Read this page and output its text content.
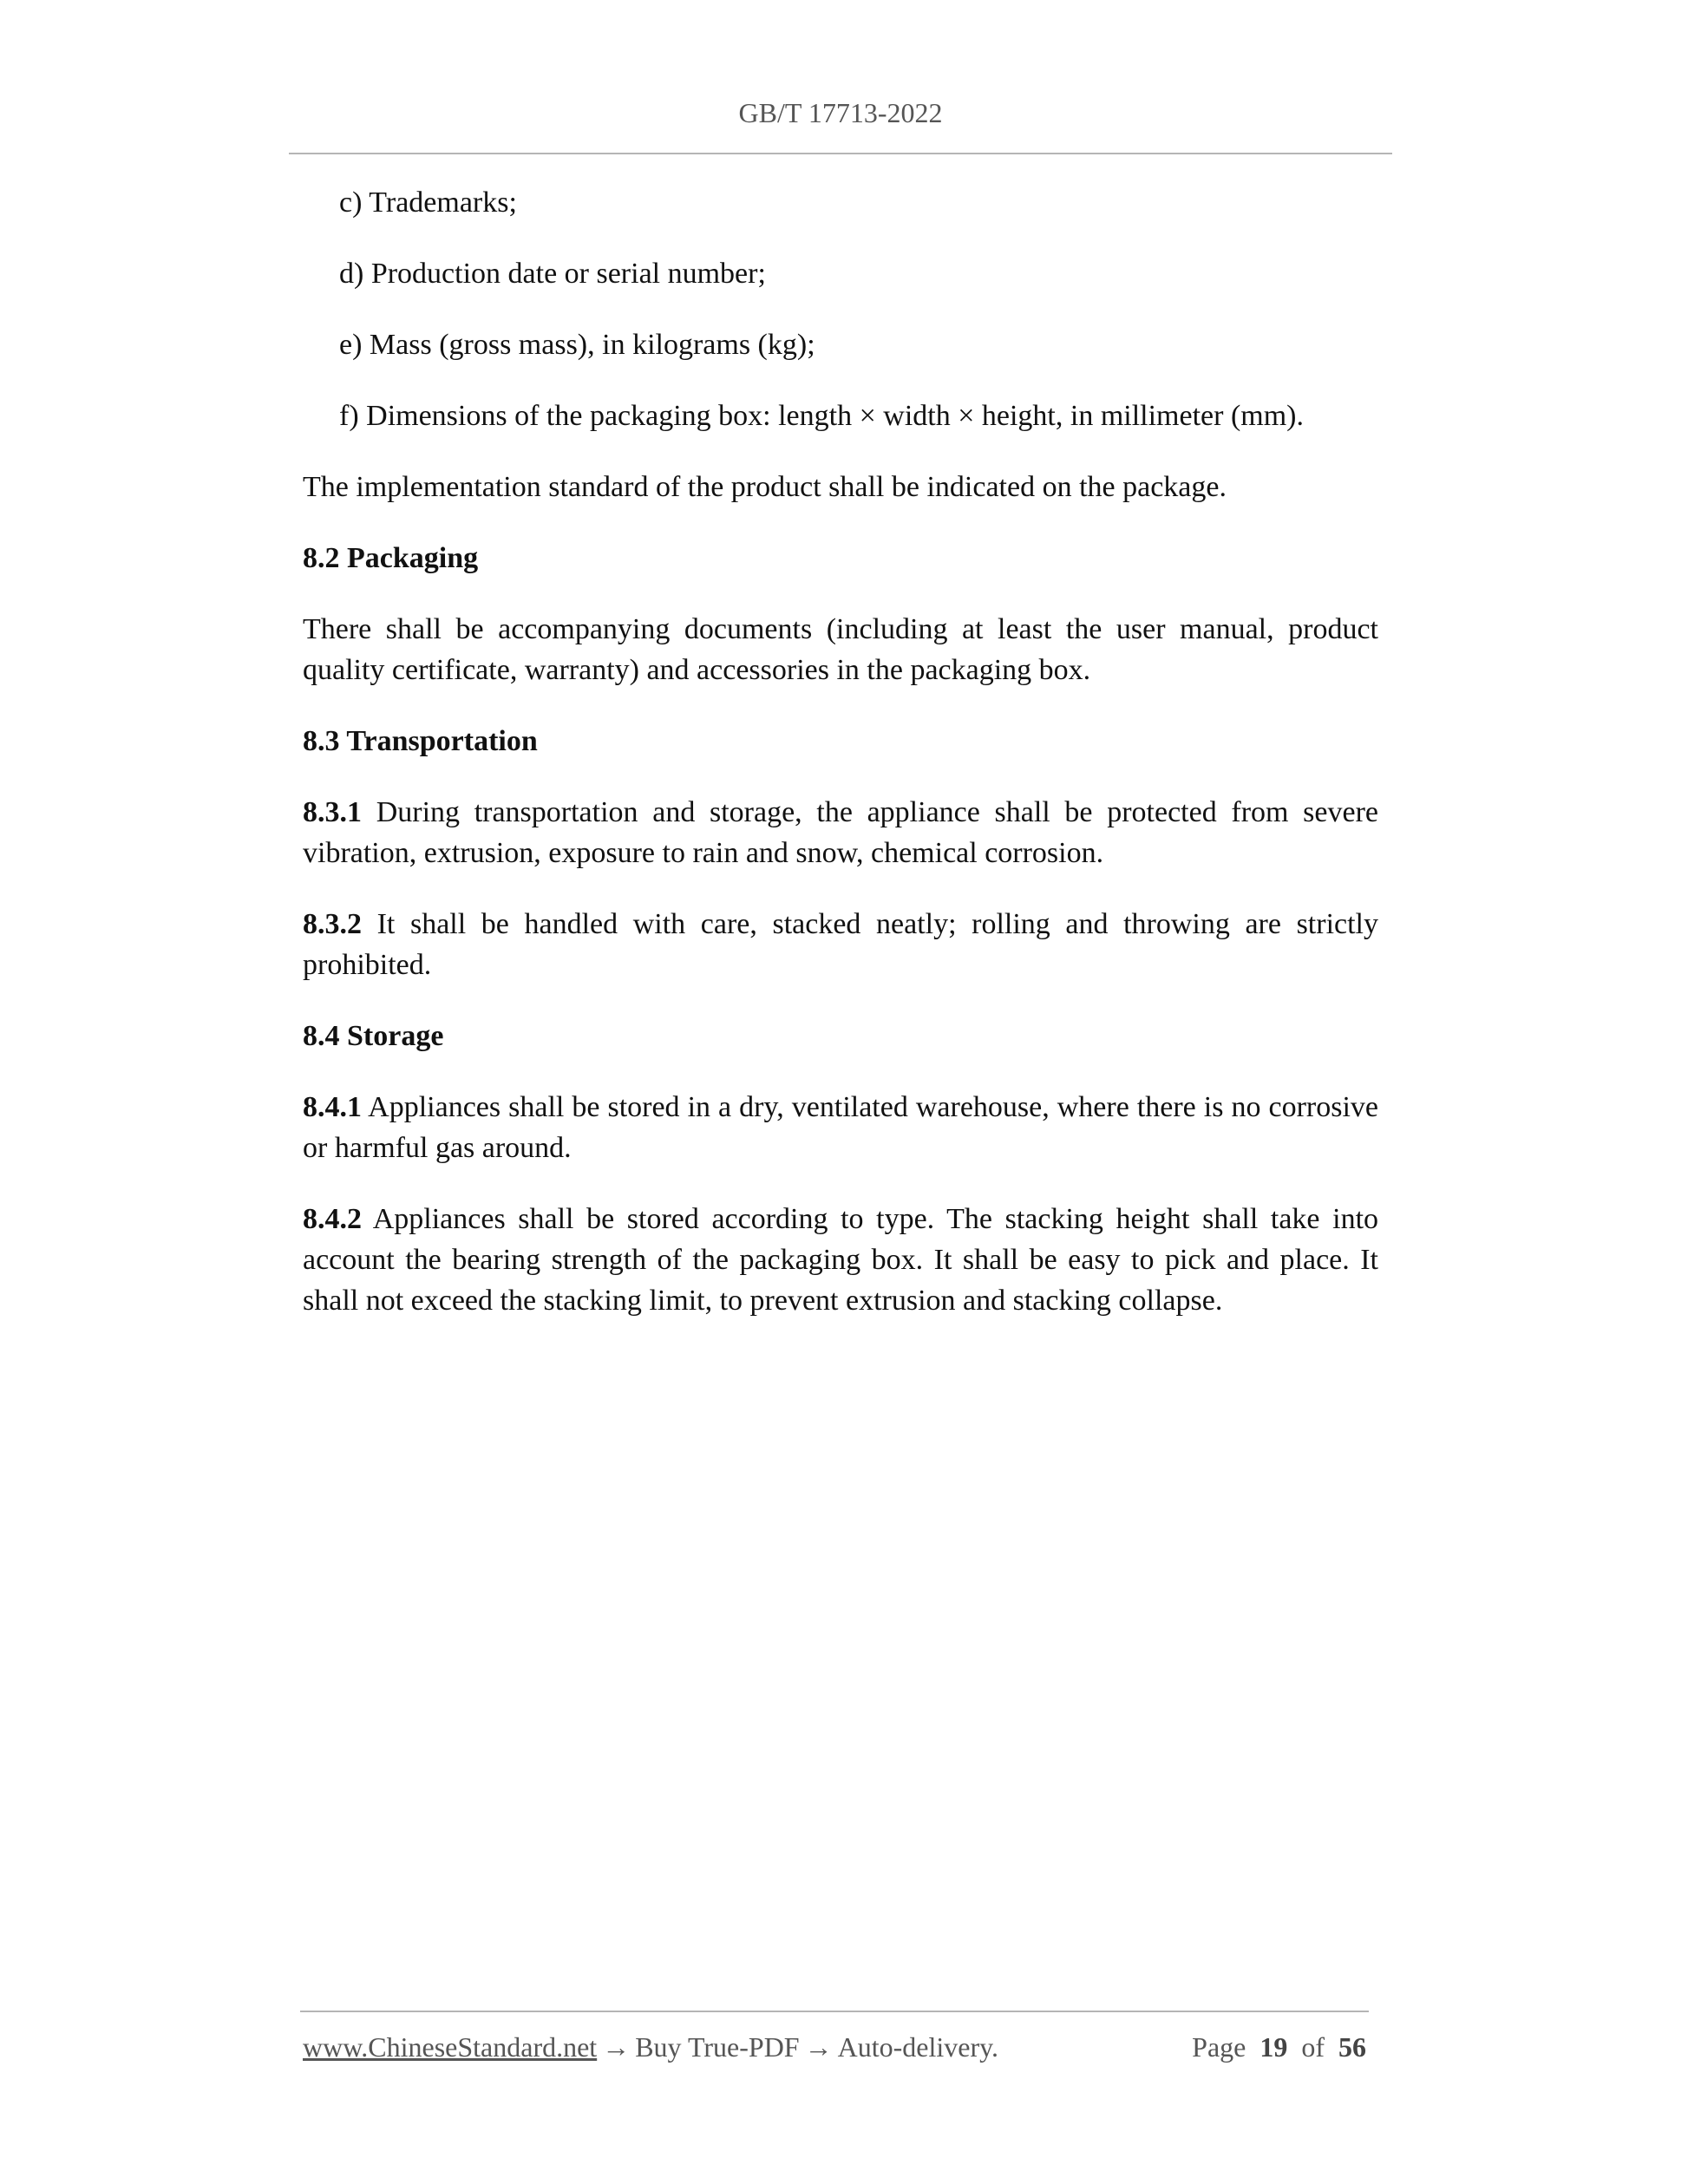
GB/T 17713-2022

c) Trademarks;

d) Production date or serial number;

e) Mass (gross mass), in kilograms (kg);

f) Dimensions of the packaging box: length × width × height, in millimeter (mm).

The implementation standard of the product shall be indicated on the package.

8.2 Packaging

There shall be accompanying documents (including at least the user manual, product quality certificate, warranty) and accessories in the packaging box.

8.3 Transportation

8.3.1 During transportation and storage, the appliance shall be protected from severe vibration, extrusion, exposure to rain and snow, chemical corrosion.

8.3.2 It shall be handled with care, stacked neatly; rolling and throwing are strictly prohibited.

8.4 Storage

8.4.1 Appliances shall be stored in a dry, ventilated warehouse, where there is no corrosive or harmful gas around.

8.4.2 Appliances shall be stored according to type. The stacking height shall take into account the bearing strength of the packaging box. It shall be easy to pick and place. It shall not exceed the stacking limit, to prevent extrusion and stacking collapse.

www.ChineseStandard.net → Buy True-PDF → Auto-delivery.	Page 19 of 56
